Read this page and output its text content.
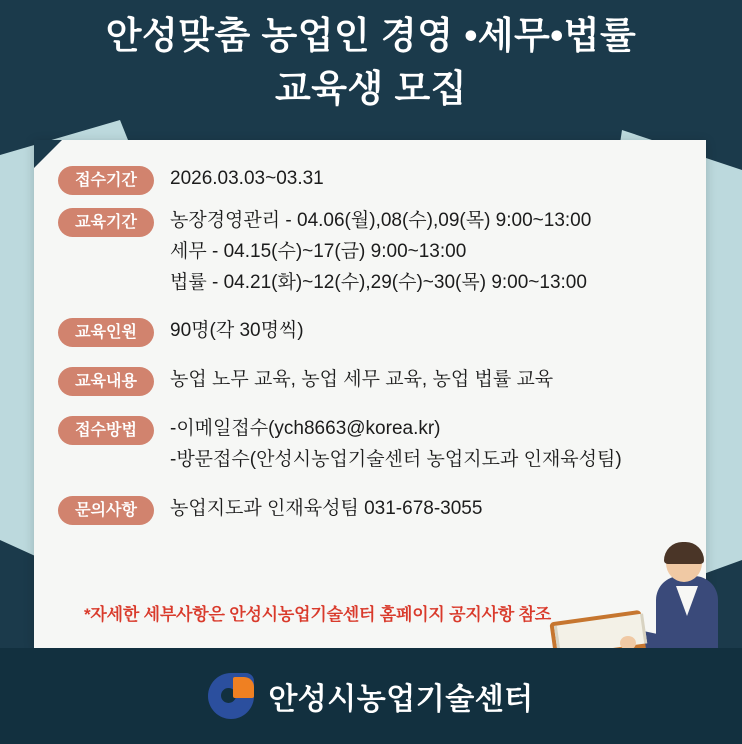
안성맞춤 농업인 경영 •세무•법률
교육생 모집
접수기간	2026.03.03~03.31
교육기간	농장경영관리 - 04.06(월),08(수),09(목) 9:00~13:00
세무 - 04.15(수)~17(금) 9:00~13:00
법률 - 04.21(화)~12(수),29(수)~30(목) 9:00~13:00
교육인원	90명(각 30명씩)
교육내용	농업 노무 교육, 농업 세무 교육, 농업 법률 교육
접수방법	-이메일접수(ych8663@korea.kr)
-방문접수(안성시농업기술센터 농업지도과 인재육성팀)
문의사항	농업지도과 인재육성팀 031-678-3055
*자세한 세부사항은 안성시농업기술센터 홈페이지 공지사항 참조
안성시농업기술센터
